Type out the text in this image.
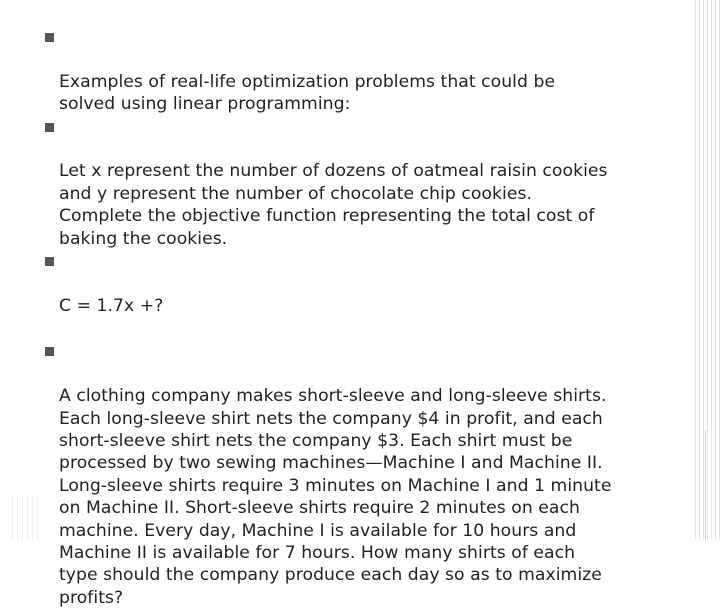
Examples of real-life optimization problems that could be
solved using linear programming:

Let x represent the number of dozens of oatmeal raisin cookies
and y represent the number of chocolate chip cookies.
Complete the objective function representing the total cost of
baking the cookies.

C = 1.7x +?

A clothing company makes short-sleeve and long-sleeve shirts.
Each long-sleeve shirt nets the company $4 in profit, and each
short-sleeve shirt nets the company $3. Each shirt must be
processed by two sewing machines—Machine I and Machine II.
Long-sleeve shirts require 3 minutes on Machine I and 1 minute
on Machine II. Short-sleeve shirts require 2 minutes on each
machine. Every day, Machine I is available for 10 hours and
Machine II is available for 7 hours. How many shirts of each
type should the company produce each day so as to maximize
profits?
